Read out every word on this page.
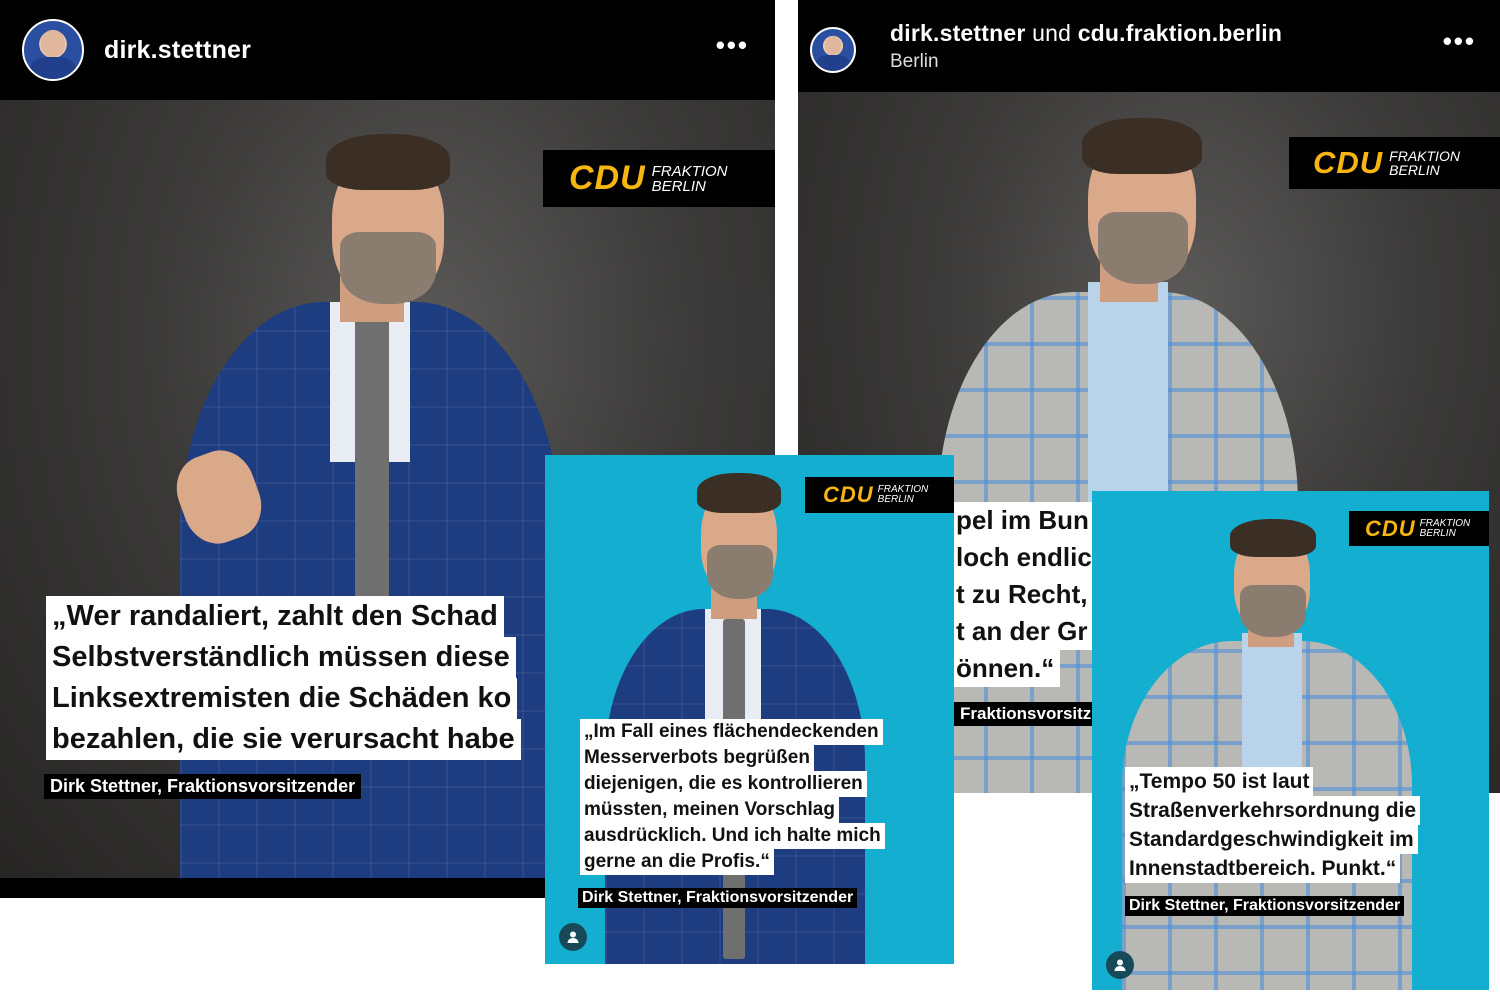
dirk.stettner	•••
CDU FRAKTION
BERLIN
„Wer randaliert, zahlt den Schad
Selbstverständlich müssen diese
Linksextremisten die Schäden ko
bezahlen, die sie verursacht habe
Dirk Stettner, Fraktionsvorsitzender
dirk.stettner und cdu.fraktion.berlin
Berlin
•••
CDU FRAKTION
BERLIN
pel im Bun
loch endlic
t zu Recht,
t an der Gr
önnen.“
Fraktionsvorsitz
CDU FRAKTION
BERLIN
„Im Fall eines flächendeckenden
Messerverbots begrüßen
diejenigen, die es kontrollieren
müssten, meinen Vorschlag
ausdrücklich. Und ich halte mich
gerne an die Profis.“
Dirk Stettner, Fraktionsvorsitzender
CDU FRAKTION
BERLIN
„Tempo 50 ist laut
Straßenverkehrsordnung die
Standardgeschwindigkeit im
Innenstadtbereich. Punkt.“
Dirk Stettner, Fraktionsvorsitzender
